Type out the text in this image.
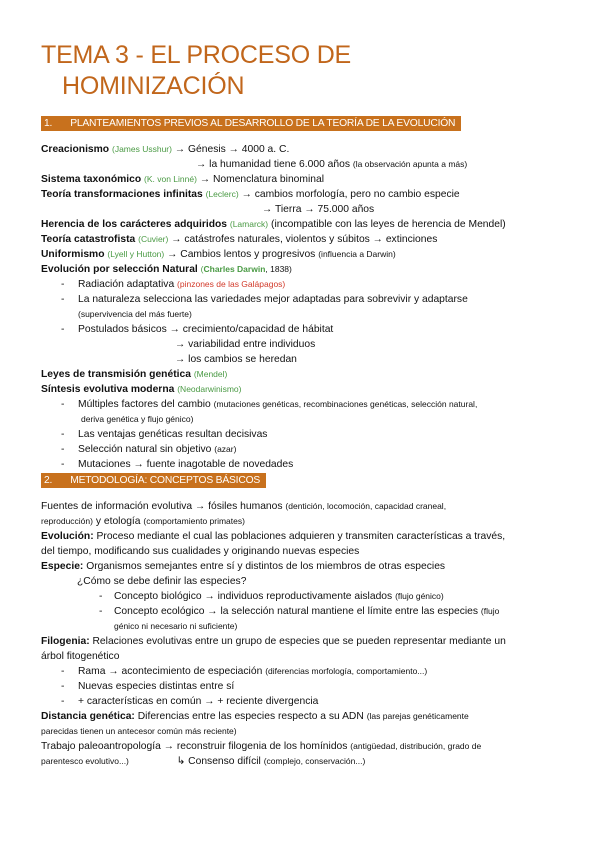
TEMA 3 - EL PROCESO DE
HOMINIZACIÓN
1. PLANTEAMIENTOS PREVIOS AL DESARROLLO DE LA TEORÍA DE LA EVOLUCIÓN
Creacionismo (James Usshur) → Génesis → 4000 a. C.
→ la humanidad tiene 6.000 años (la observación apunta a más)
Sistema taxonómico (K. von Linné) → Nomenclatura binominal
Teoría transformaciones infinitas (Leclerc) → cambios morfología, pero no cambio especie
→ Tierra → 75.000 años
Herencia de los carácteres adquiridos (Lamarck) (incompatible con las leyes de herencia de Mendel)
Teoría catastrofista (Cuvier) → catástrofes naturales, violentos y súbitos → extinciones
Uniformismo (Lyell y Hutton) → Cambios lentos y progresivos (influencia a Darwin)
Evolución por selección Natural (Charles Darwin, 1838)
- Radiación adaptativa (pinzones de las Galápagos)
- La naturaleza selecciona las variedades mejor adaptadas para sobrevivir y adaptarse
(supervivencia del más fuerte)
- Postulados básicos → crecimiento/capacidad de hábitat
→ variabilidad entre individuos
→ los cambios se heredan
Leyes de transmisión genética (Mendel)
Síntesis evolutiva moderna (Neodarwinismo)
- Múltiples factores del cambio (mutaciones genéticas, recombinaciones genéticas, selección natural,
deriva genética y flujo génico)
- Las ventajas genéticas resultan decisivas
- Selección natural sin objetivo (azar)
- Mutaciones → fuente inagotable de novedades
2. METODOLOGÍA: CONCEPTOS BÁSICOS
Fuentes de información evolutiva → fósiles humanos (dentición, locomoción, capacidad craneal,
reproducción) y etología (comportamiento primates)
Evolución: Proceso mediante el cual las poblaciones adquieren y transmiten características a través,
del tiempo, modificando sus cualidades y originando nuevas especies
Especie: Organismos semejantes entre sí y distintos de los miembros de otras especies
¿Cómo se debe definir las especies?
- Concepto biológico → individuos reproductivamente aislados (flujo génico)
- Concepto ecológico → la selección natural mantiene el límite entre las especies (flujo
génico ni necesario ni suficiente)
Filogenia: Relaciones evolutivas entre un grupo de especies que se pueden representar mediante un
árbol fitogenético
- Rama → acontecimiento de especiación (diferencias morfología, comportamiento...)
- Nuevas especies distintas entre sí
- + características en común → + reciente divergencia
Distancia genética: Diferencias entre las especies respecto a su ADN (las parejas genéticamente
parecidas tienen un antecesor común más reciente)
Trabajo paleoantropología → reconstruir filogenia de los homínidos (antigüedad, distribución, grado de
parentesco evolutivo...)	↳ Consenso difícil (complejo, conservación...)
